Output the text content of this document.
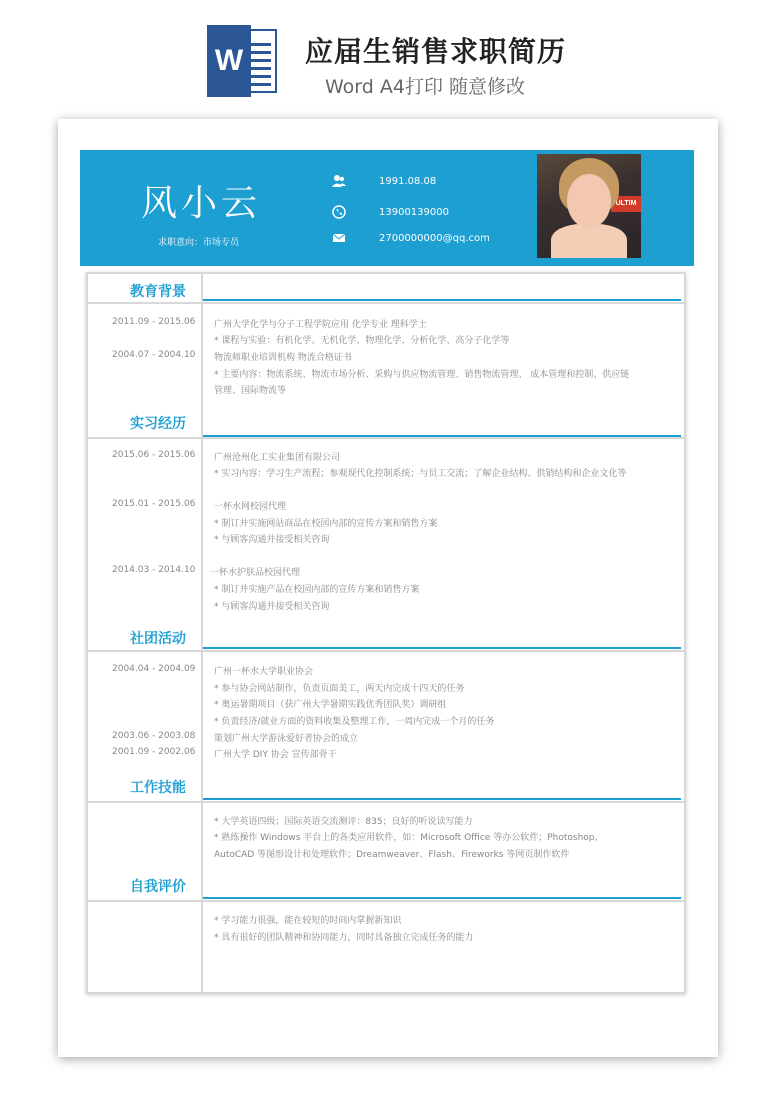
W 应届生销售求职简历
Word A4打印 随意修改
风小云
求职意向：市场专员
1991.08.08
13900139000
2700000000@qq.com
ULTIM
教育背景
2011.09 - 2015.06 广州大学化学与分子工程学院应用 化学专业 理科学士
* 课程与实验：有机化学、无机化学、物理化学、分析化学、高分子化学等
2004.07 - 2004.10 物流师职业培训机构 物流合格证书
* 主要内容：物流系统、物流市场分析、采购与供应物流管理、销售物流管理、 成本管理和控制、供应链
管理、国际物流等
实习经历
2015.06 - 2015.06 广州沧州化工实业集团有限公司
* 实习内容：学习生产流程；参观现代化控制系统；与员工交流；了解企业结构、供销结构和企业文化等
2015.01 - 2015.06 一杯水网校园代理
* 制订并实施网站商品在校园内部的宣传方案和销售方案
* 与顾客沟通并接受相关咨询
2014.03 - 2014.10 一杯水护肤品校园代理
* 制订并实施产品在校园内部的宣传方案和销售方案
* 与顾客沟通并接受相关咨询
社团活动
2004.04 - 2004.09 广州一杯水大学职业协会
* 参与协会网站制作，负责页面美工，两天内完成十四天的任务
* 奥运暑期项目（获广州大学暑期实践优秀团队奖）调研组
* 负责经济/就业方面的资料收集及整理工作，一周内完成一个月的任务
2003.06 - 2003.08 策划广州大学游泳爱好者协会的成立
2001.09 - 2002.06 广州大学 DIY 协会 宣传部骨干
工作技能
* 大学英语四级；国际英语交流测评：835；良好的听说读写能力
* 熟练操作 Windows 平台上的各类应用软件，如：Microsoft Office 等办公软件；Photoshop、
AutoCAD 等图形设计和处理软件；Dreamweaver、Flash、Fireworks 等网页制作软件
自我评价
* 学习能力很强，能在较短的时间内掌握新知识
* 具有很好的团队精神和协同能力，同时具备独立完成任务的能力
